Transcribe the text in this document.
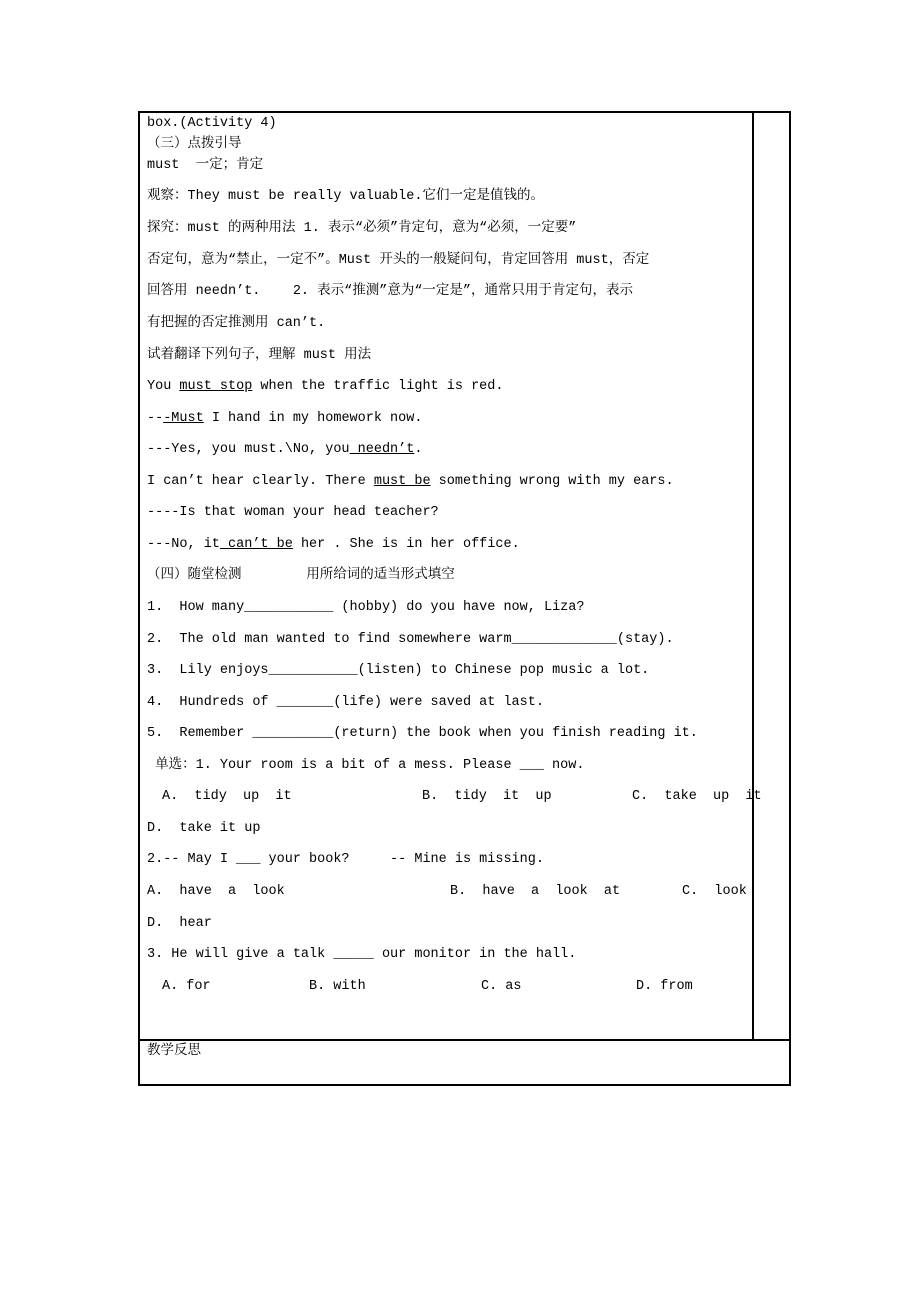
box.(Activity 4)
（三）点拨引导
must  一定；肯定
观察：They must be really valuable.它们一定是值钱的。
探究：must 的两种用法 1. 表示“必须”肯定句，意为“必须，一定要”
否定句，意为“禁止，一定不”。Must 开头的一般疑问句，肯定回答用 must，否定
回答用 needn’t.    2. 表示“推测”意为“一定是”，通常只用于肯定句，表示
有把握的否定推测用 can’t.
试着翻译下列句子，理解 must 用法
You must stop when the traffic light is red.
---Must I hand in my homework now.
---Yes, you must.\No, you needn’t.
I can’t hear clearly. There must be something wrong with my ears.
----Is that woman your head teacher?
---No, it can’t be her . She is in her office.
（四）随堂检测        用所给词的适当形式填空
1.  How many___________ (hobby) do you have now, Liza?
2.  The old man wanted to find somewhere warm_____________(stay).
3.  Lily enjoys___________(listen) to Chinese pop music a lot.
4.  Hundreds of _______(life) were saved at last.
5.  Remember __________(return) the book when you finish reading it.
单选：1. Your room is a bit of a mess. Please ___ now.
D.  take it up
2.-- May I ___ your book?     -- Mine is missing.
D.  hear
3. He will give a talk _____ our monitor in the hall.
A.  tidy  up  it	B.  tidy  it  up	C.  take  up  it
A.  have  a  look	B.  have  a  look  at	C.  look
A. for	B. with	C. as	D. from
教学反思
